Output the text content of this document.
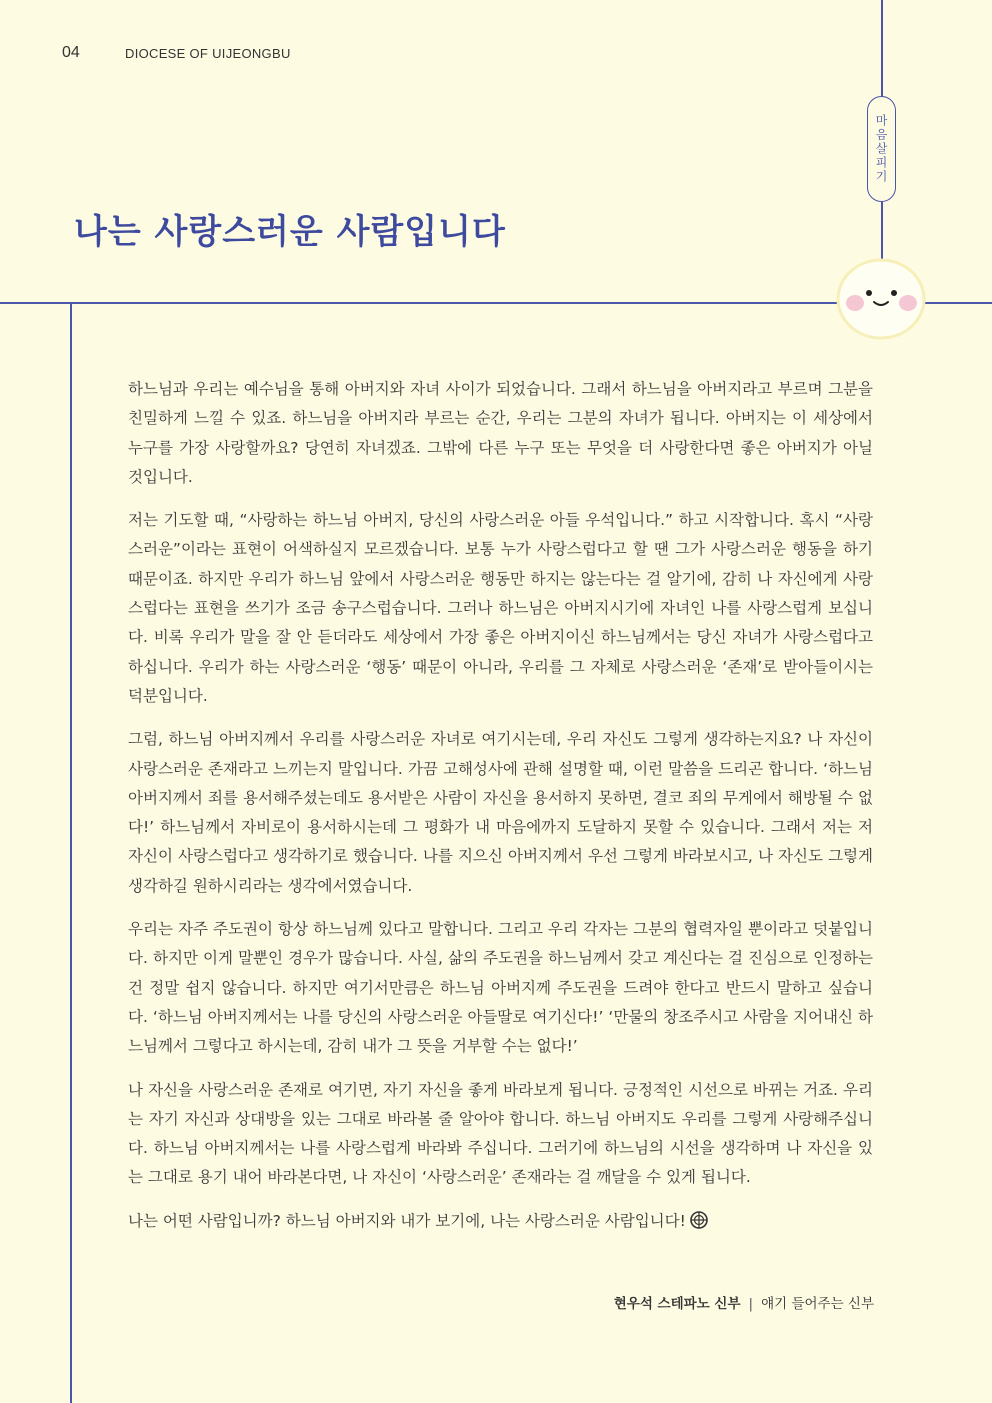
04	DIOCESE OF UIJEONGBU
마음살피기
나는 사랑스러운 사람입니다

하느님과 우리는 예수님을 통해 아버지와 자녀 사이가 되었습니다. 그래서 하느님을 아버지라고 부르며 그분을 친밀하게 느낄 수 있죠. 하느님을 아버지라 부르는 순간, 우리는 그분의 자녀가 됩니다. 아버지는 이 세상에서 누구를 가장 사랑할까요? 당연히 자녀겠죠. 그밖에 다른 누구 또는 무엇을 더 사랑한다면 좋은 아버지가 아닐 것입니다.

저는 기도할 때, “사랑하는 하느님 아버지, 당신의 사랑스러운 아들 우석입니다.” 하고 시작합니다. 혹시 “사랑스러운”이라는 표현이 어색하실지 모르겠습니다. 보통 누가 사랑스럽다고 할 땐 그가 사랑스러운 행동을 하기 때문이죠. 하지만 우리가 하느님 앞에서 사랑스러운 행동만 하지는 않는다는 걸 알기에, 감히 나 자신에게 사랑스럽다는 표현을 쓰기가 조금 송구스럽습니다. 그러나 하느님은 아버지시기에 자녀인 나를 사랑스럽게 보십니다. 비록 우리가 말을 잘 안 듣더라도 세상에서 가장 좋은 아버지이신 하느님께서는 당신 자녀가 사랑스럽다고 하십니다. 우리가 하는 사랑스러운 ‘행동’ 때문이 아니라, 우리를 그 자체로 사랑스러운 ‘존재’로 받아들이시는 덕분입니다.

그럼, 하느님 아버지께서 우리를 사랑스러운 자녀로 여기시는데, 우리 자신도 그렇게 생각하는지요? 나 자신이 사랑스러운 존재라고 느끼는지 말입니다. 가끔 고해성사에 관해 설명할 때, 이런 말씀을 드리곤 합니다. ‘하느님 아버지께서 죄를 용서해주셨는데도 용서받은 사람이 자신을 용서하지 못하면, 결코 죄의 무게에서 해방될 수 없다!’ 하느님께서 자비로이 용서하시는데 그 평화가 내 마음에까지 도달하지 못할 수 있습니다. 그래서 저는 저 자신이 사랑스럽다고 생각하기로 했습니다. 나를 지으신 아버지께서 우선 그렇게 바라보시고, 나 자신도 그렇게 생각하길 원하시리라는 생각에서였습니다.

우리는 자주 주도권이 항상 하느님께 있다고 말합니다. 그리고 우리 각자는 그분의 협력자일 뿐이라고 덧붙입니다. 하지만 이게 말뿐인 경우가 많습니다. 사실, 삶의 주도권을 하느님께서 갖고 계신다는 걸 진심으로 인정하는 건 정말 쉽지 않습니다. 하지만 여기서만큼은 하느님 아버지께 주도권을 드려야 한다고 반드시 말하고 싶습니다. ‘하느님 아버지께서는 나를 당신의 사랑스러운 아들딸로 여기신다!’ ‘만물의 창조주시고 사람을 지어내신 하느님께서 그렇다고 하시는데, 감히 내가 그 뜻을 거부할 수는 없다!’

나 자신을 사랑스러운 존재로 여기면, 자기 자신을 좋게 바라보게 됩니다. 긍정적인 시선으로 바뀌는 거죠. 우리는 자기 자신과 상대방을 있는 그대로 바라볼 줄 알아야 합니다. 하느님 아버지도 우리를 그렇게 사랑해주십니다. 하느님 아버지께서는 나를 사랑스럽게 바라봐 주십니다. 그러기에 하느님의 시선을 생각하며 나 자신을 있는 그대로 용기 내어 바라본다면, 나 자신이 ‘사랑스러운’ 존재라는 걸 깨달을 수 있게 됩니다.

나는 어떤 사람입니까? 하느님 아버지와 내가 보기에, 나는 사랑스러운 사람입니다!

현우석 스테파노 신부 | 얘기 들어주는 신부
